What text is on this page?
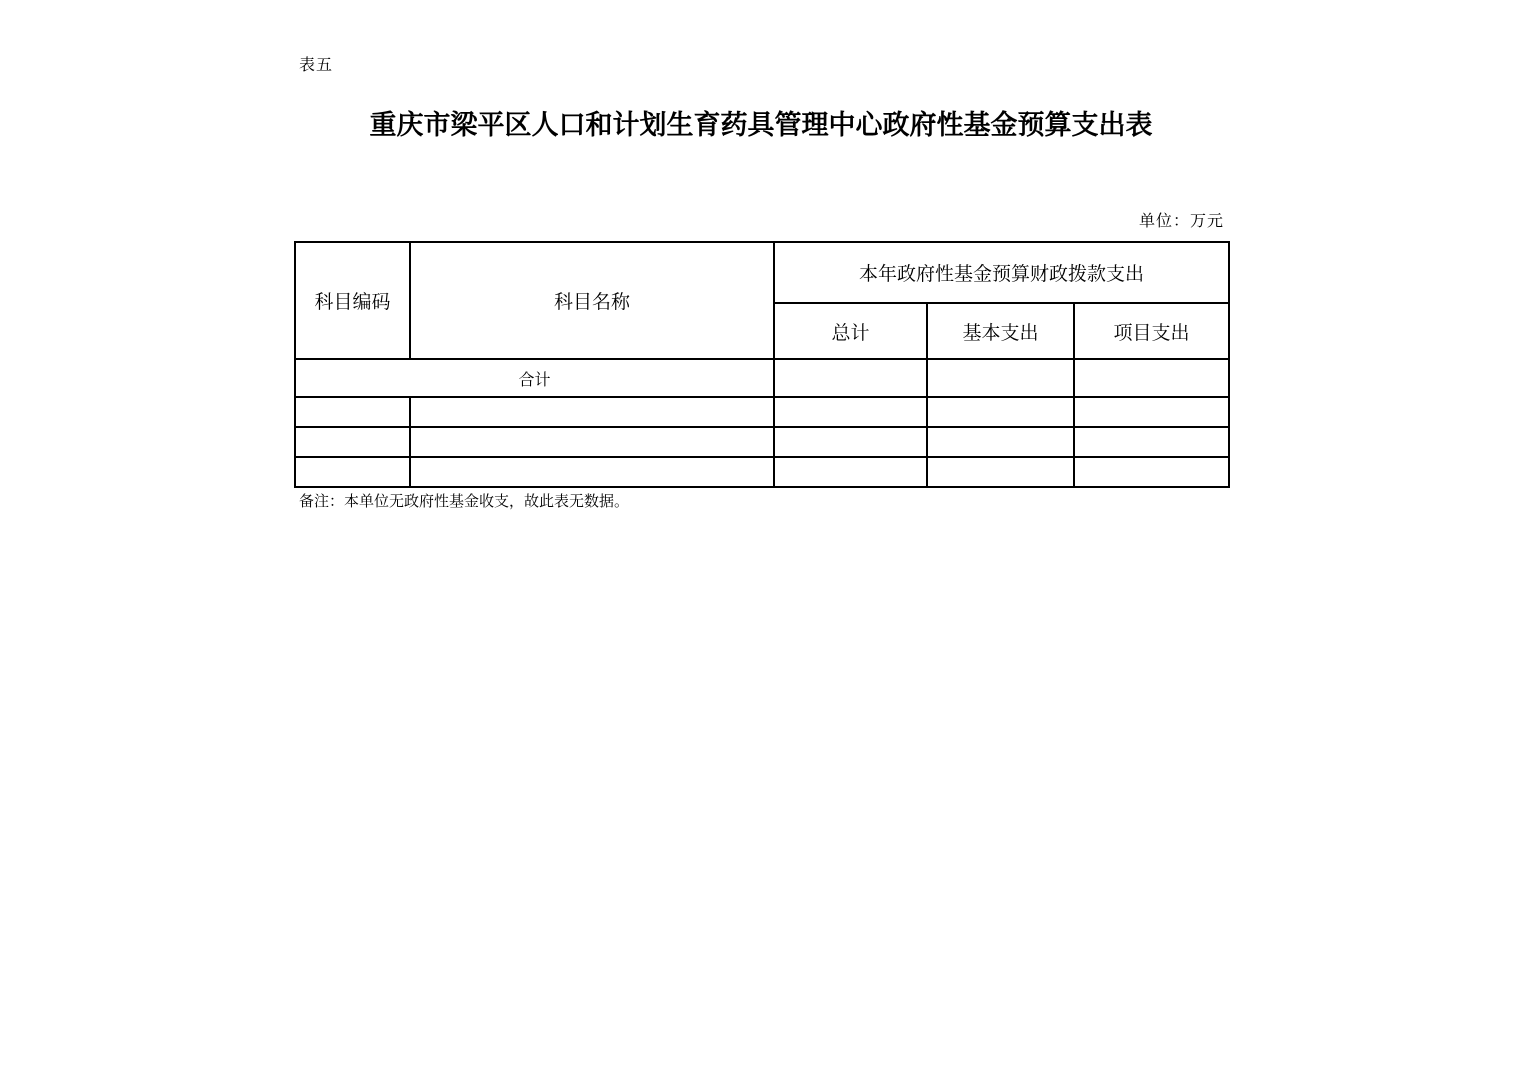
表五
重庆市梁平区人口和计划生育药具管理中心政府性基金预算支出表
单位：万元
科目编码	科目名称	本年政府性基金预算财政拨款支出		
		总计	基本支出	项目支出
合计				

备注：本单位无政府性基金收支，故此表无数据。
